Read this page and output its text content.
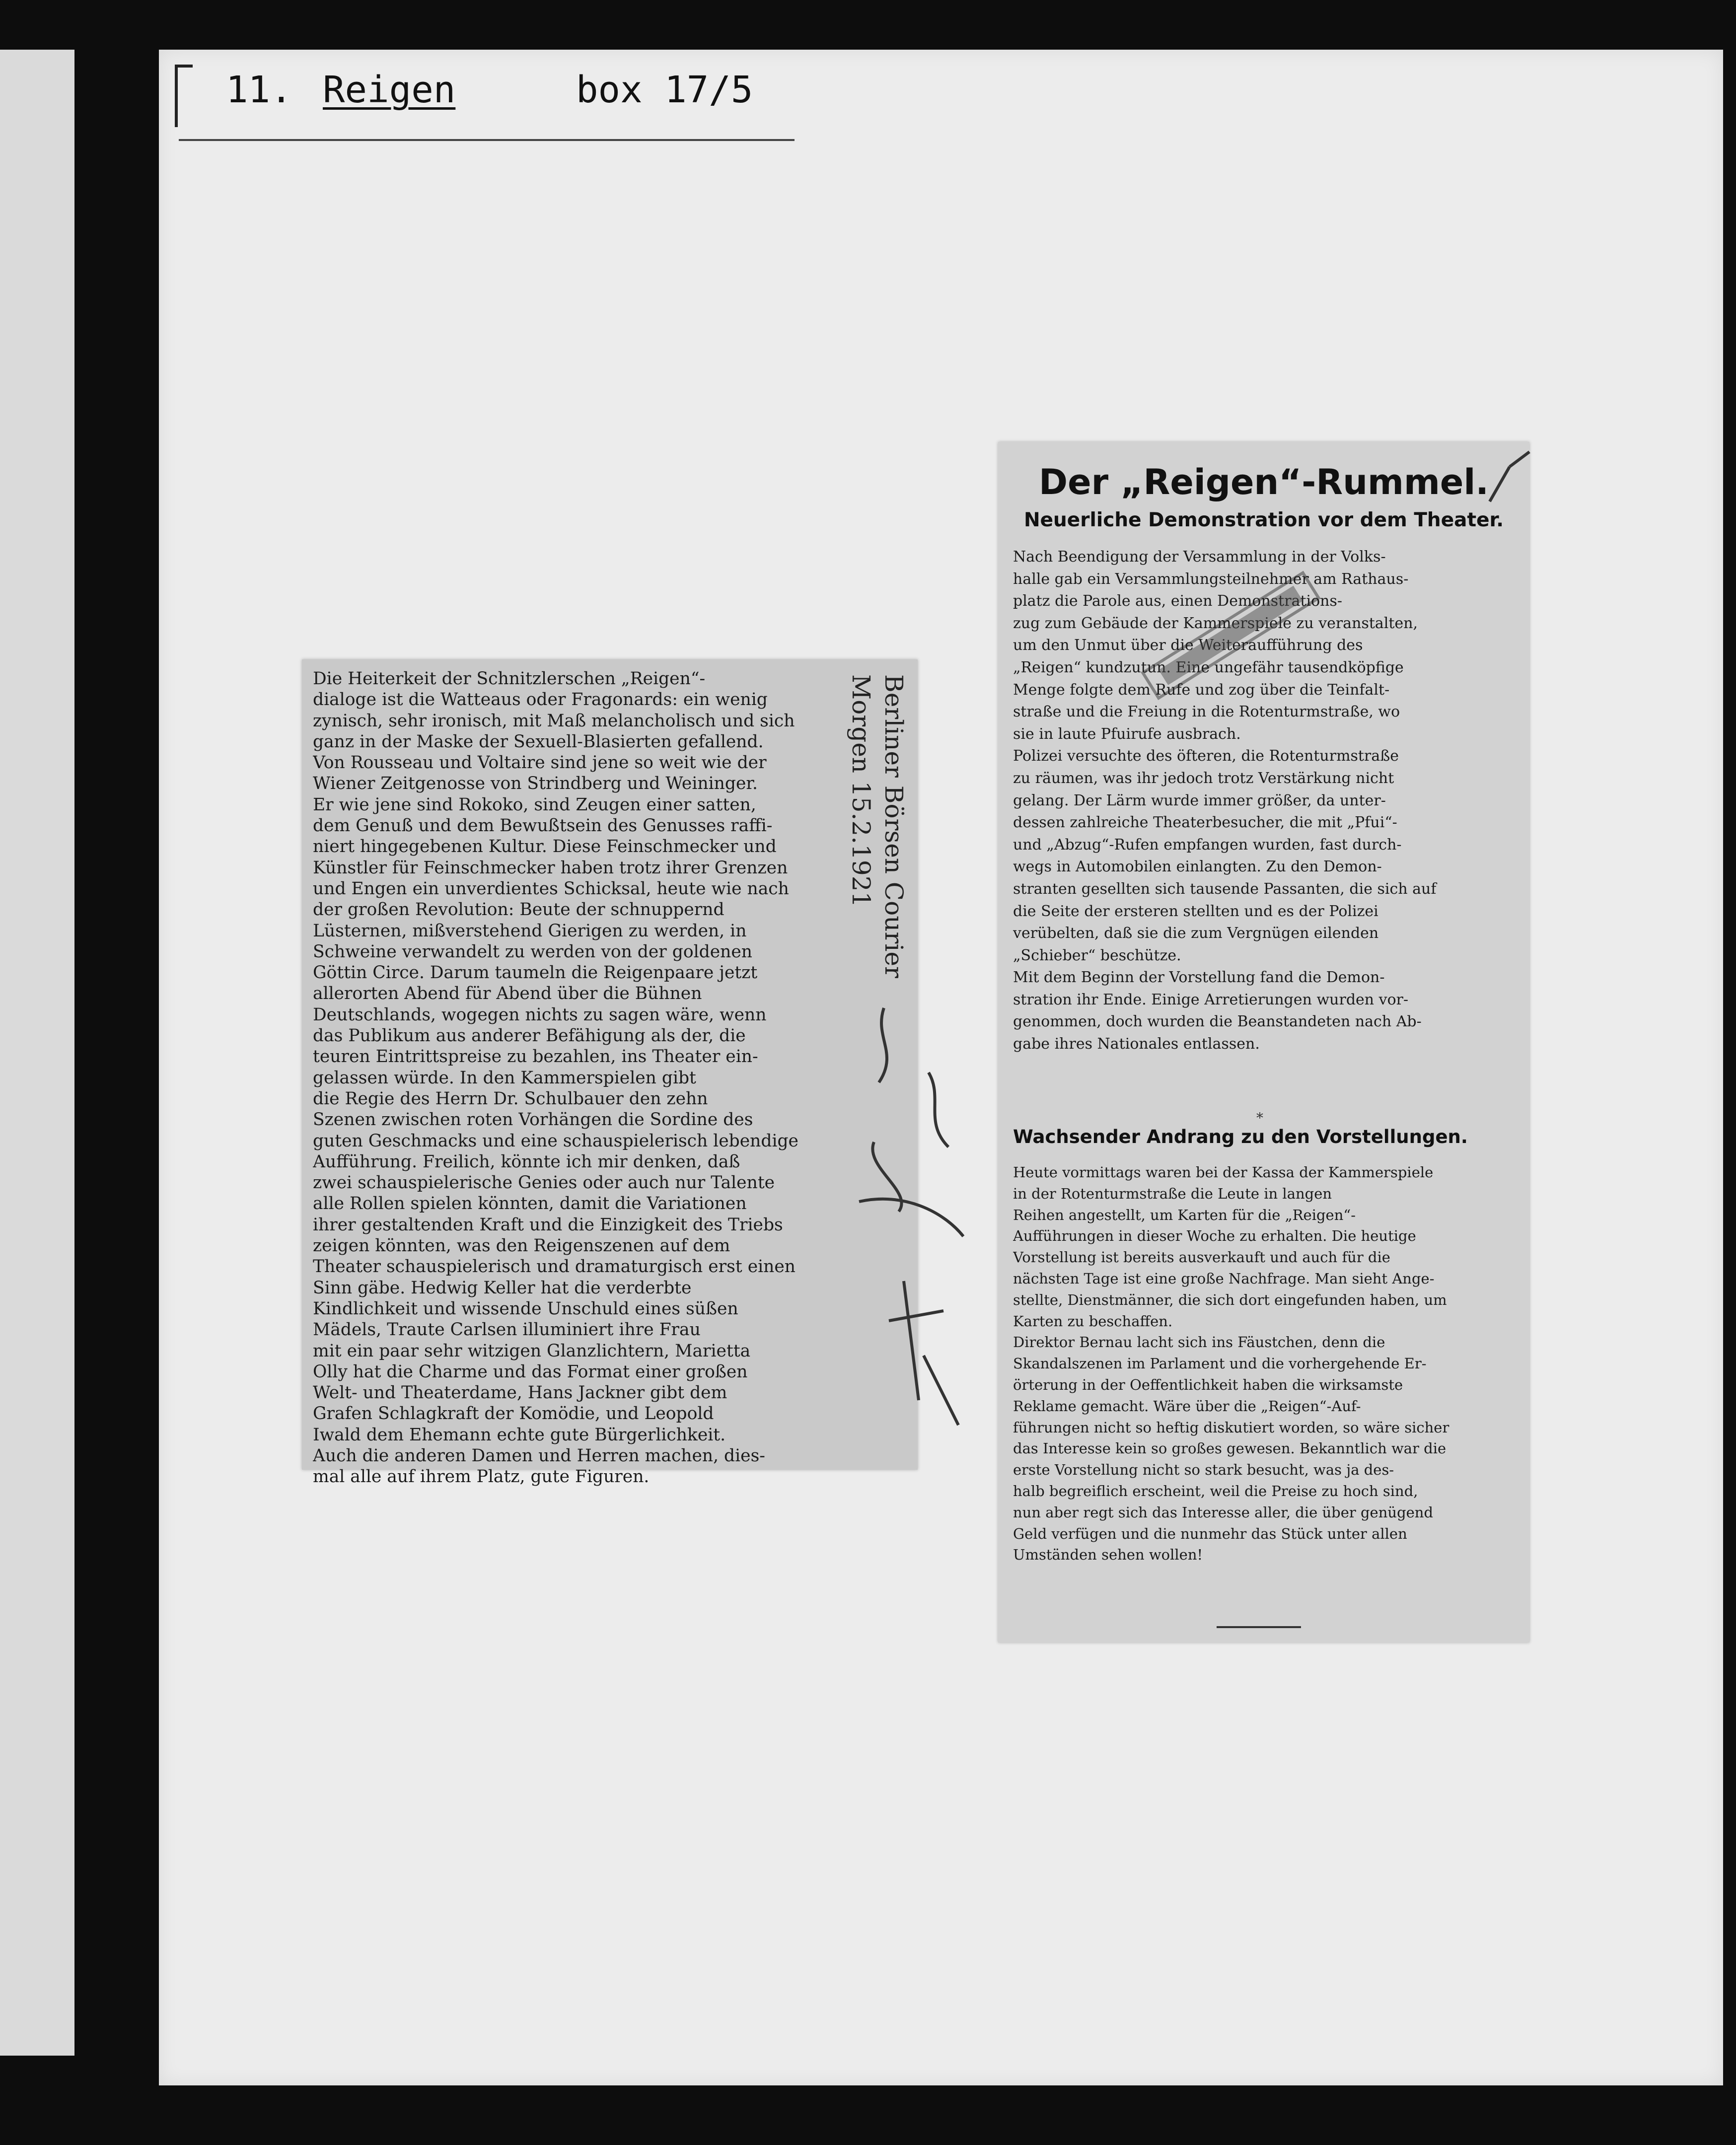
11. Reigen	box 17/5
Die Heiterkeit der Schnitzlerschen „Reigen“-
dialoge ist die Watteaus oder Fragonards: ein wenig
zynisch, sehr ironisch, mit Maß melancholisch und sich
ganz in der Maske der Sexuell-Blasierten gefallend.
Von Rousseau und Voltaire sind jene so weit wie der
Wiener Zeitgenosse von Strindberg und Weininger.
Er wie jene sind Rokoko, sind Zeugen einer satten,
dem Genuß und dem Bewußtsein des Genusses raffi-
niert hingegebenen Kultur. Diese Feinschmecker und
Künstler für Feinschmecker haben trotz ihrer Grenzen
und Engen ein unverdientes Schicksal, heute wie nach
der großen Revolution: Beute der schnuppernd
Lüsternen, mißverstehend Gierigen zu werden, in
Schweine verwandelt zu werden von der goldenen
Göttin Circe. Darum taumeln die Reigenpaare jetzt
allerorten Abend für Abend über die Bühnen
Deutschlands, wogegen nichts zu sagen wäre, wenn
das Publikum aus anderer Befähigung als der, die
teuren Eintrittspreise zu bezahlen, ins Theater ein-
gelassen würde. In den Kammerspielen gibt
die Regie des Herrn Dr. Schulbauer den zehn
Szenen zwischen roten Vorhängen die Sordine des
guten Geschmacks und eine schauspielerisch lebendige
Aufführung. Freilich, könnte ich mir denken, daß
zwei schauspielerische Genies oder auch nur Talente
alle Rollen spielen könnten, damit die Variationen
ihrer gestaltenden Kraft und die Einzigkeit des Triebs
zeigen könnten, was den Reigenszenen auf dem
Theater schauspielerisch und dramaturgisch erst einen
Sinn gäbe. Hedwig Keller hat die verderbte
Kindlichkeit und wissende Unschuld eines süßen
Mädels, Traute Carlsen illuminiert ihre Frau
mit ein paar sehr witzigen Glanzlichtern, Marietta
Olly hat die Charme und das Format einer großen
Welt- und Theaterdame, Hans Jackner gibt dem
Grafen Schlagkraft der Komödie, und Leopold
Iwald dem Ehemann echte gute Bürgerlichkeit.
Auch die anderen Damen und Herren machen, dies-
mal alle auf ihrem Platz, gute Figuren.
Berliner Börsen Courier
Morgen 15.2.1921
Der „Reigen“-Rummel.
Neuerliche Demonstration vor dem Theater.
Nach Beendigung der Versammlung in der Volks-
halle gab ein Versammlungsteilnehmer am Rathaus-
platz die Parole aus, einen Demonstrations-
zug zum Gebäude der Kammerspiele zu veranstalten,
um den Unmut über die Weiteraufführung des
„Reigen“ kundzutun. Eine ungefähr tausendköpfige
Menge folgte dem Rufe und zog über die Teinfalt-
straße und die Freiung in die Rotenturmstraße, wo
sie in laute Pfuirufe ausbrach.
Polizei versuchte des öfteren, die Rotenturmstraße
zu räumen, was ihr jedoch trotz Verstärkung nicht
gelang. Der Lärm wurde immer größer, da unter-
dessen zahlreiche Theaterbesucher, die mit „Pfui“-
und „Abzug“-Rufen empfangen wurden, fast durch-
wegs in Automobilen einlangten. Zu den Demon-
stranten gesellten sich tausende Passanten, die sich auf
die Seite der ersteren stellten und es der Polizei
verübelten, daß sie die zum Vergnügen eilenden
„Schieber“ beschütze.
Mit dem Beginn der Vorstellung fand die Demon-
stration ihr Ende. Einige Arretierungen wurden vor-
genommen, doch wurden die Beanstandeten nach Ab-
gabe ihres Nationales entlassen.
*
Wachsender Andrang zu den Vorstellungen.
Heute vormittags waren bei der Kassa der Kammerspiele
in der Rotenturmstraße die Leute in langen
Reihen angestellt, um Karten für die „Reigen“-
Aufführungen in dieser Woche zu erhalten. Die heutige
Vorstellung ist bereits ausverkauft und auch für die
nächsten Tage ist eine große Nachfrage. Man sieht Ange-
stellte, Dienstmänner, die sich dort eingefunden haben, um
Karten zu beschaffen.
Direktor Bernau lacht sich ins Fäustchen, denn die
Skandalszenen im Parlament und die vorhergehende Er-
örterung in der Oeffentlichkeit haben die wirksamste
Reklame gemacht. Wäre über die „Reigen“-Auf-
führungen nicht so heftig diskutiert worden, so wäre sicher
das Interesse kein so großes gewesen. Bekanntlich war die
erste Vorstellung nicht so stark besucht, was ja des-
halb begreiflich erscheint, weil die Preise zu hoch sind,
nun aber regt sich das Interesse aller, die über genügend
Geld verfügen und die nunmehr das Stück unter allen
Umständen sehen wollen!
